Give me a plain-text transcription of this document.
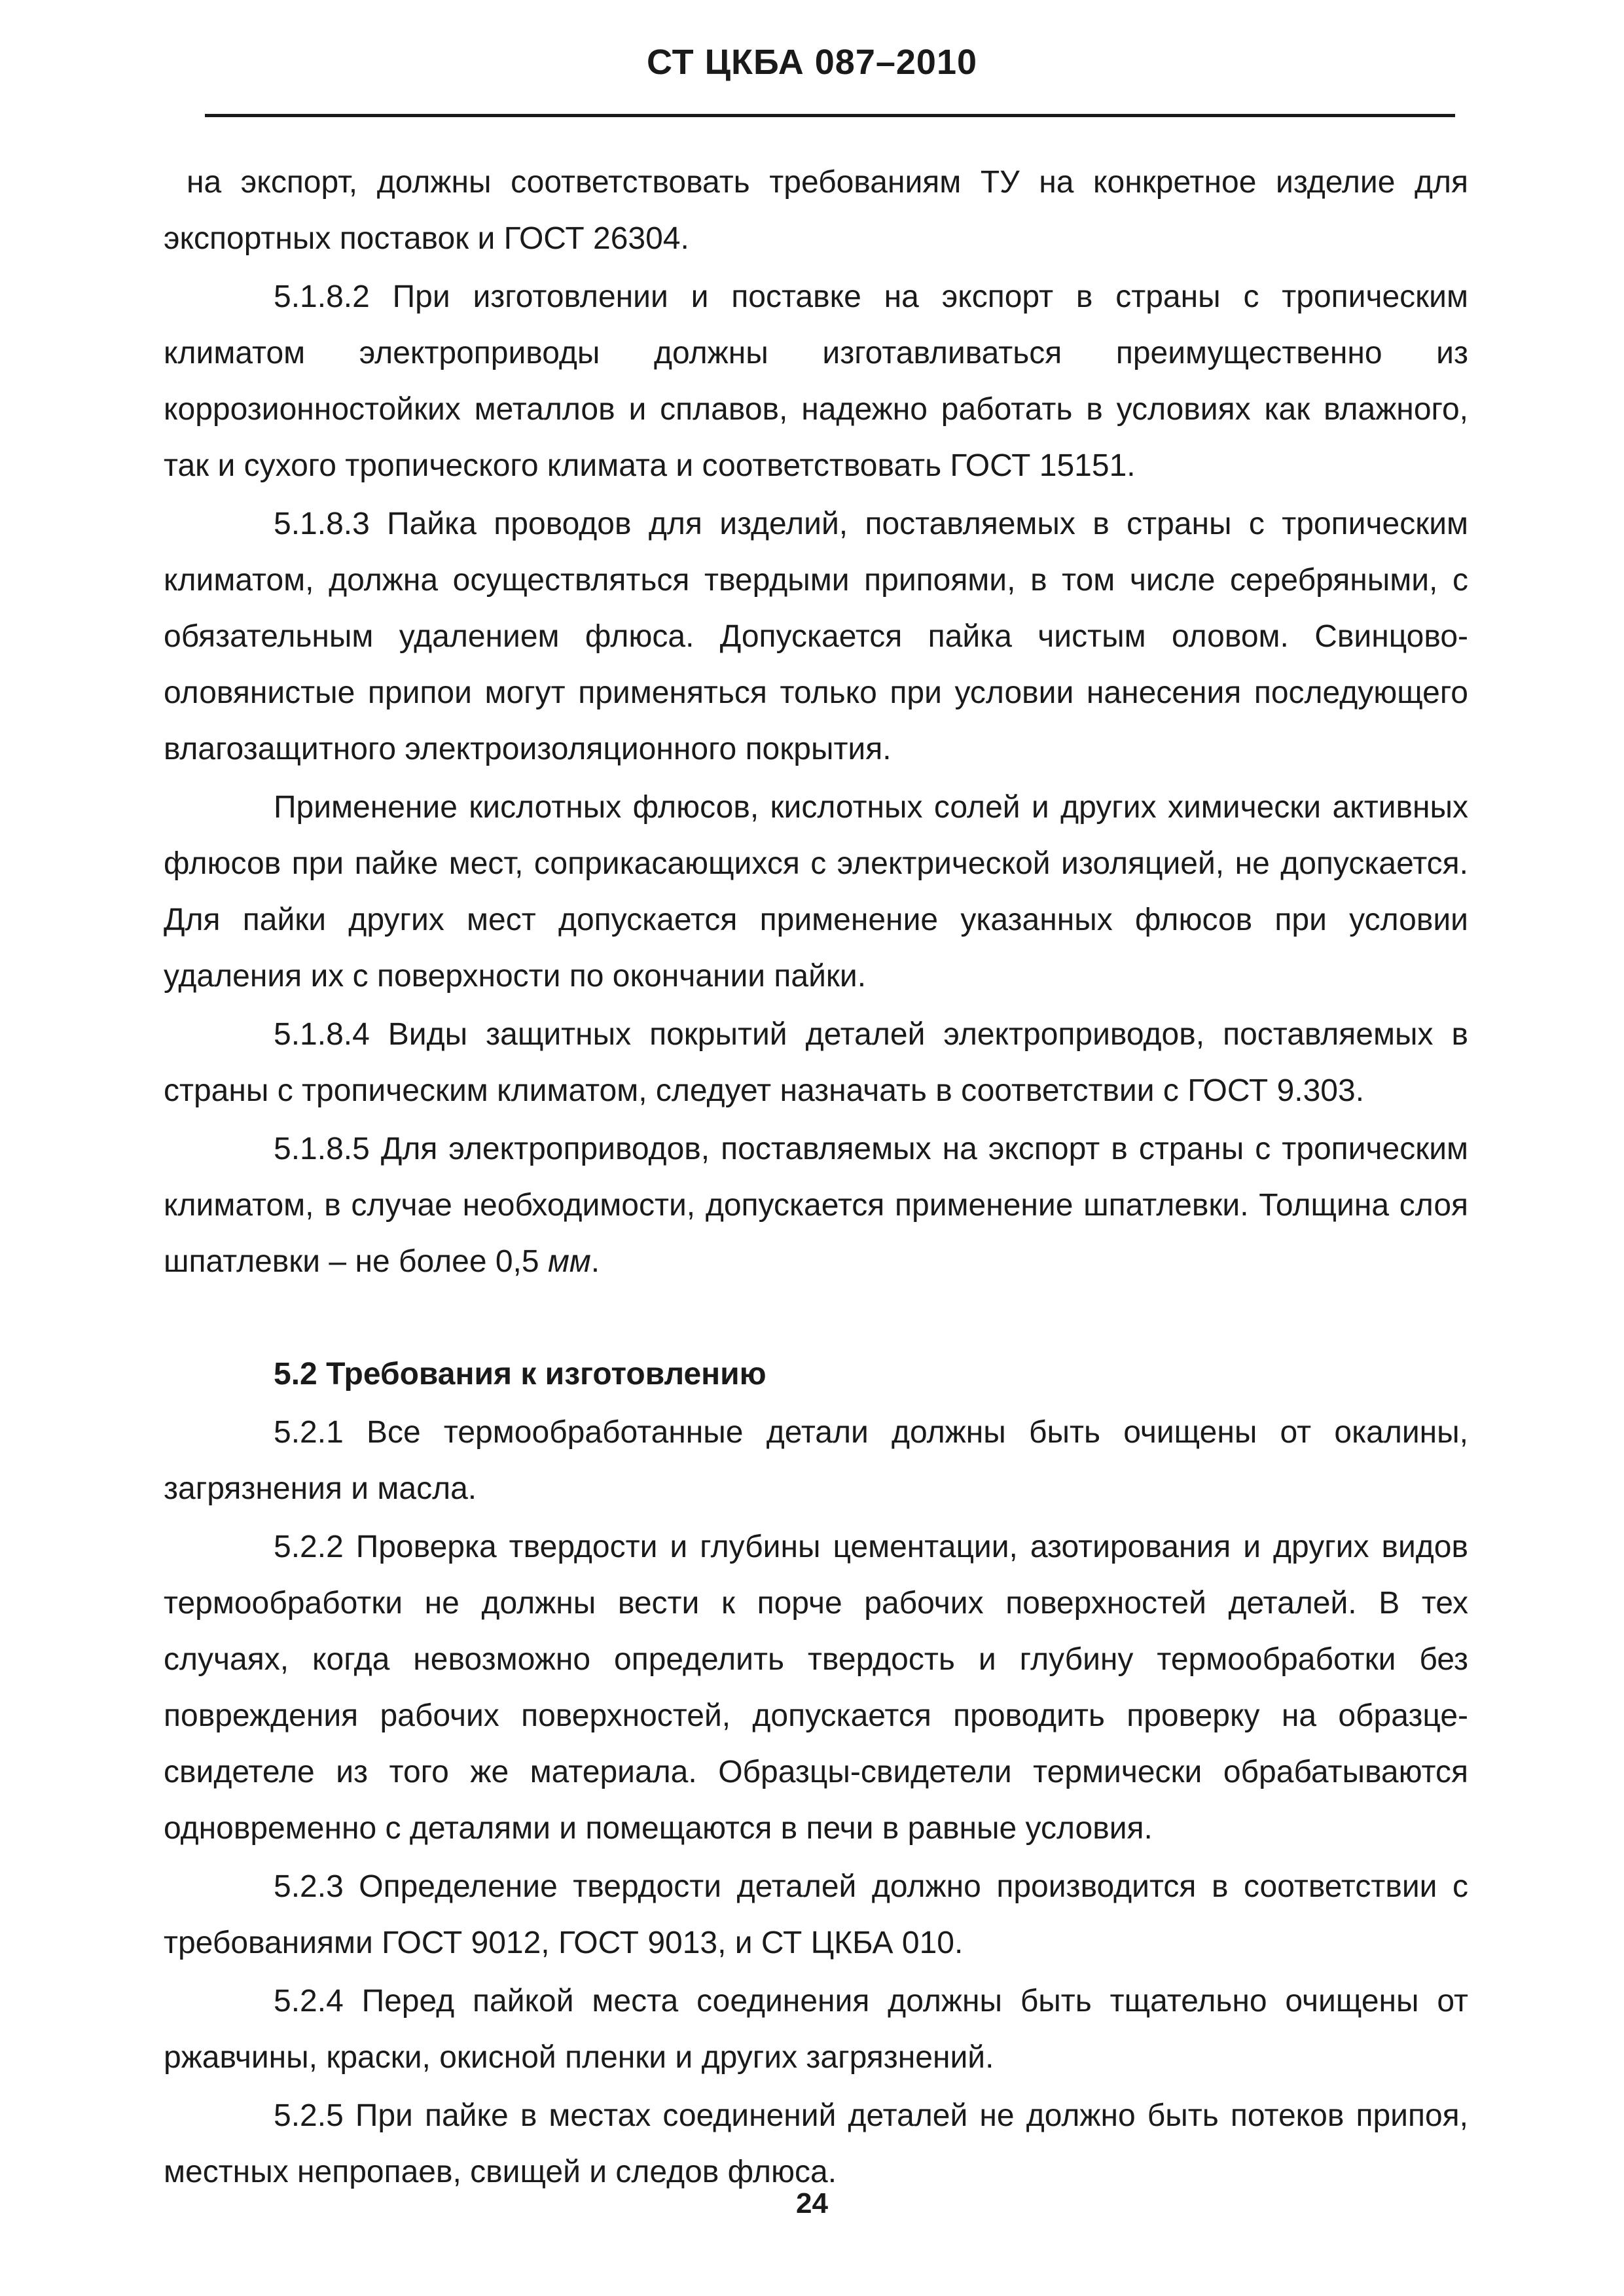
СТ ЦКБА 087–2010

на экспорт, должны соответствовать требованиям ТУ на конкретное изделие для экспортных поставок и ГОСТ 26304.

5.1.8.2 При изготовлении и поставке на экспорт в страны с тропическим климатом электроприводы должны изготавливаться преимущественно из коррозионностойких металлов и сплавов, надежно работать в условиях как влажного, так и сухого тропического климата и соответствовать ГОСТ 15151.

5.1.8.3 Пайка проводов для изделий, поставляемых в страны с тропическим климатом, должна осуществляться твердыми припоями, в том числе серебряными, с обязательным удалением флюса. Допускается пайка чистым оловом. Свинцово-оловянистые припои могут применяться только при условии нанесения последующего влагозащитного электроизоляционного покрытия.

Применение кислотных флюсов, кислотных солей и других химически активных флюсов при пайке мест, соприкасающихся с электрической изоляцией, не допускается. Для пайки других мест допускается применение указанных флюсов при условии удаления их с поверхности по окончании пайки.

5.1.8.4 Виды защитных покрытий деталей электроприводов, поставляемых в страны с тропическим климатом, следует назначать в соответствии с ГОСТ 9.303.

5.1.8.5 Для электроприводов, поставляемых на экспорт в страны с тропическим климатом, в случае необходимости, допускается применение шпатлевки. Толщина слоя шпатлевки – не более 0,5 мм.

5.2 Требования к изготовлению

5.2.1 Все термообработанные детали должны быть очищены от окалины, загрязнения и масла.

5.2.2 Проверка твердости и глубины цементации, азотирования и других видов термообработки не должны вести к порче рабочих поверхностей деталей. В тех случаях, когда невозможно определить твердость и глубину термообработки без повреждения рабочих поверхностей, допускается проводить проверку на образце-свидетеле из того же материала. Образцы-свидетели термически обрабатываются одновременно с деталями и помещаются в печи в равные условия.

5.2.3 Определение твердости деталей должно производится в соответствии с требованиями ГОСТ 9012, ГОСТ 9013, и СТ ЦКБА 010.

5.2.4 Перед пайкой места соединения должны быть тщательно очищены от ржавчины, краски, окисной пленки и других загрязнений.

5.2.5 При пайке в местах соединений деталей не должно быть потеков припоя, местных непропаев, свищей и следов флюса.

24
